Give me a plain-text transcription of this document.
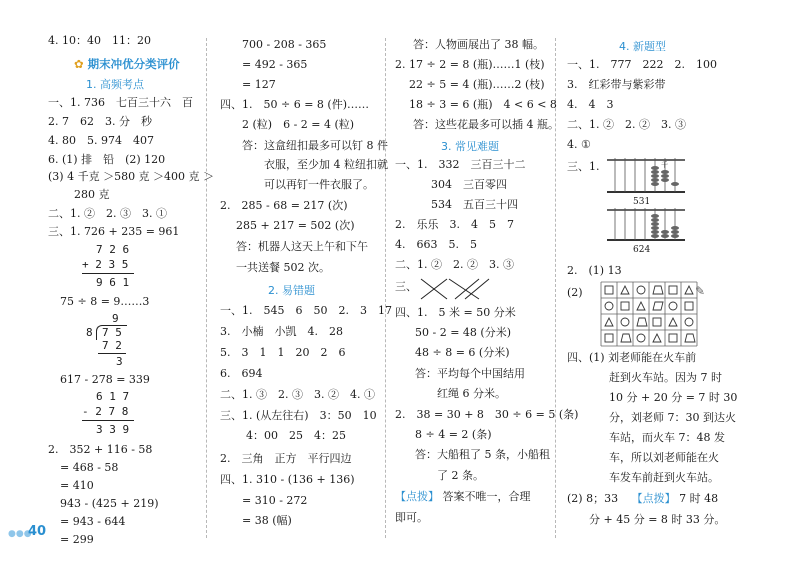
4. 10：40　11：20
✿ 期末冲优分类评价
1. 高频考点
一、1. 736　七百三十六　百
2. 7　62　3. 分　秒
4. 80　5. 974　407
6. (1) 排　铅　(2) 120
(3) 4 千克 ＞580 克 ＞400 克 ＞
280 克
二、1. ②　2. ③　3. ①
三、1. 726 + 235 = 961
7 2 6
+ 2 3 5
9 6 1
75 ÷ 8 = 9……3
9
8 7 5
7 2
3
617 - 278 = 339
6 1 7
- 2 7 8
3 3 9
2.　352 + 116 - 58
= 468 - 58
= 410
943 - (425 + 219)
= 943 - 644
= 299
●●●
40
700 - 208 - 365
= 492 - 365
= 127
四、1.　50 ÷ 6 = 8 (件)……
2 (粒)　6 - 2 = 4 (粒)
答：这盒纽扣最多可以钉 8 件
衣服，至少加 4 粒纽扣就
可以再钉一件衣服了。
2.　285 - 68 = 217 (次)
285 + 217 = 502 (次)
答：机器人这天上午和下午
一共送餐 502 次。
2. 易错题
一、1.　545　6　50　2.　3　17
3.　小楠　小凯　4.　28
5.　3　1　1　20　2　6
6.　694
二、1. ③　2. ③　3. ②　4. ①
三、1. (从左往右)　3：50　10
4：00　25　4：25
2.　三角　正方　平行四边
四、1. 310 - (136 + 136)
= 310 - 272
= 38 (幅)
答：人物画展出了 38 幅。
2. 17 ÷ 2 = 8 (瓶)……1 (枝)
22 ÷ 5 = 4 (瓶)……2 (枝)
18 ÷ 3 = 6 (瓶)　4 < 6 < 8
答：这些花最多可以插 4 瓶。
3. 常见难题
一、1.　332　三百三十二
304　三百零四
534　五百三十四
2.　乐乐　3.　4　5　7
4.　663　5.　5
二、1. ②　2. ②　3. ③
三、
四、1.　5 米 = 50 分米
50 - 2 = 48 (分米)
48 ÷ 8 = 6 (分米)
答：平均每个中国结用
红绳 6 分米。
2.　38 = 30 + 8　30 ÷ 6 = 5 (条)
8 ÷ 4 = 2 (条)
答：大船租了 5 条，小船租
了 2 条。
【点拨】 答案不唯一，合理
即可。
4. 新题型
一、1.　777　222　2.　100
3.　红彩带与紫彩带
4.　4　3
二、1. ②　2. ②　3. ③
4. ①
三、1.	千
531
624
2.　(1) 13
(2)	✎
四、(1) 刘老师能在火车前
赶到火车站。因为 7 时
10 分 + 20 分 = 7 时 30
分，刘老师 7：30 到达火
车站，而火车 7：48 发
车，所以刘老师能在火
车发车前赶到火车站。
(2) 8；33 【点拨】 7 时 48
分 + 45 分 = 8 时 33 分。
